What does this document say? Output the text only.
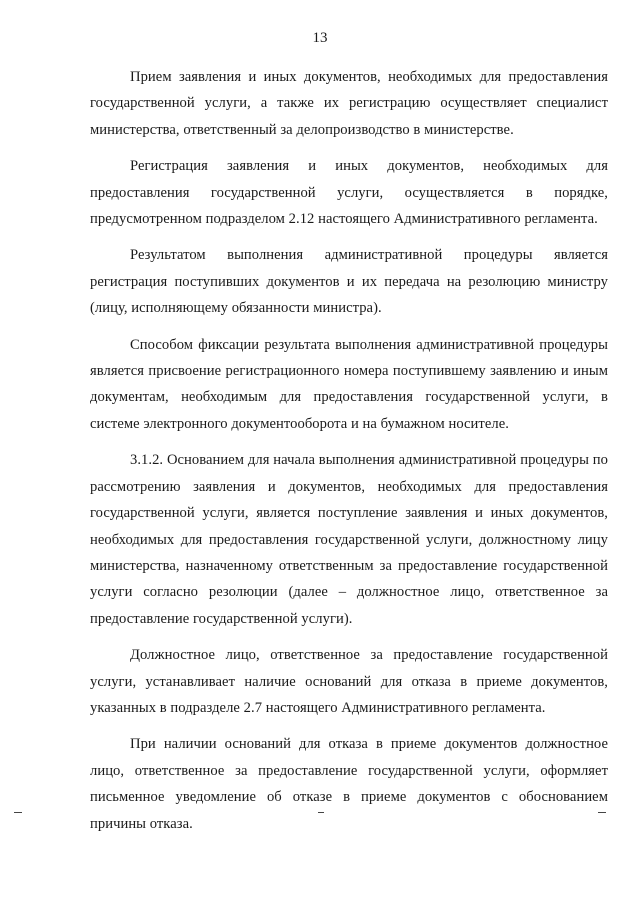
13

Прием заявления и иных документов, необходимых для предоставления государственной услуги, а также их регистрацию осуществляет специалист министерства, ответственный за делопроизводство в министерстве.

Регистрация заявления и иных документов, необходимых для предоставления государственной услуги, осуществляется в порядке, предусмотренном подразделом 2.12 настоящего Административного регламента.

Результатом выполнения административной процедуры является регистрация поступивших документов и их передача на резолюцию министру (лицу, исполняющему обязанности министра).

Способом фиксации результата выполнения административной процедуры является присвоение регистрационного номера поступившему заявлению и иным документам, необходимым для предоставления государственной услуги, в системе электронного документооборота и на бумажном носителе.

3.1.2. Основанием для начала выполнения административной процедуры по рассмотрению заявления и документов, необходимых для предоставления государственной услуги, является поступление заявления и иных документов, необходимых для предоставления государственной услуги, должностному лицу министерства, назначенному ответственным за предоставление государственной услуги согласно резолюции (далее – должностное лицо, ответственное за предоставление государственной услуги).

Должностное лицо, ответственное за предоставление государственной услуги, устанавливает наличие оснований для отказа в приеме документов, указанных в подразделе 2.7 настоящего Административного регламента.

При наличии оснований для отказа в приеме документов должностное лицо, ответственное за предоставление государственной услуги, оформляет письменное уведомление об отказе в приеме документов с обоснованием причины отказа.
